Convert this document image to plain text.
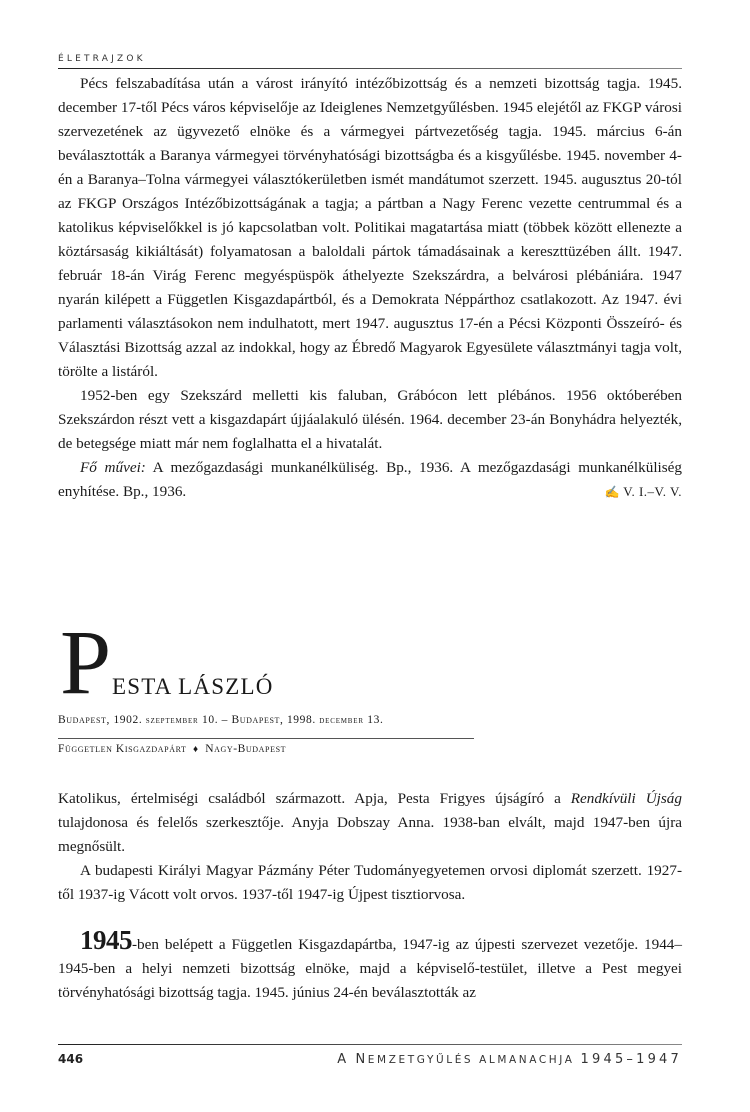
ÉLETRAJZOK

Pécs felszabadítása után a várost irányító intézőbizottság és a nemzeti bizottság tagja. 1945. december 17-től Pécs város képviselője az Ideiglenes Nemzetgyűlésben. 1945 elejétől az FKGP városi szervezetének az ügyvezető elnöke és a vármegyei pártvezetőség tagja. 1945. március 6-án beválasztották a Baranya vármegyei törvényhatósági bizottságba és a kisgyűlésbe. 1945. november 4-én a Baranya–Tolna vármegyei választókerületben ismét mandátumot szerzett. 1945. augusztus 20-tól az FKGP Országos Intézőbizottságának a tagja; a pártban a Nagy Ferenc vezette centrummal és a katolikus képviselőkkel is jó kapcsolatban volt. Politikai magatartása miatt (többek között ellenezte a köztársaság kikiáltását) folyamatosan a baloldali pártok támadásainak a kereszttüzében állt. 1947. február 18-án Virág Ferenc megyéspüspök áthelyezte Szekszárdra, a belvárosi plébániára. 1947 nyarán kilépett a Független Kisgazdapártból, és a Demokrata Néppárthoz csatlakozott. Az 1947. évi parlamenti választásokon nem indulhatott, mert 1947. augusztus 17-én a Pécsi Központi Összeíró- és Választási Bizottság azzal az indokkal, hogy az Ébredő Magyarok Egyesülete választmányi tagja volt, törölte a listáról.

1952-ben egy Szekszárd melletti kis faluban, Grábócon lett plébános. 1956 októberében Szekszárdon részt vett a kisgazdapárt újjáalakuló ülésén. 1964. december 23-án Bonyhádra helyezték, de betegsége miatt már nem foglalhatta el a hivatalát.

Fő művei: A mezőgazdasági munkanélküliség. Bp., 1936. A mezőgazdasági munkanélküliség enyhítése. Bp., 1936.	✍ V. I.–V. V.

P ESTA LÁSZLÓ
Budapest, 1902. szeptember 10. – Budapest, 1998. december 13.
Független Kisgazdapárt ♦ Nagy-Budapest

Katolikus, értelmiségi családból származott. Apja, Pesta Frigyes újságíró a Rendkívüli Újság tulajdonosa és felelős szerkesztője. Anyja Dobszay Anna. 1938-ban elvált, majd 1947-ben újra megnősült.

A budapesti Királyi Magyar Pázmány Péter Tudományegyetemen orvosi diplomát szerzett. 1927-től 1937-ig Vácott volt orvos. 1937-től 1947-ig Újpest tisztiorvosa.

1945-ben belépett a Független Kisgazdapártba, 1947-ig az újpesti szervezet vezetője. 1944–1945-ben a helyi nemzeti bizottság elnöke, majd a képviselő-testület, illetve a Pest megyei törvényhatósági bizottság tagja. 1945. június 24-én beválasztották az

446	A NEMZETGYŰLÉS ALMANACHJA 1945–1947
